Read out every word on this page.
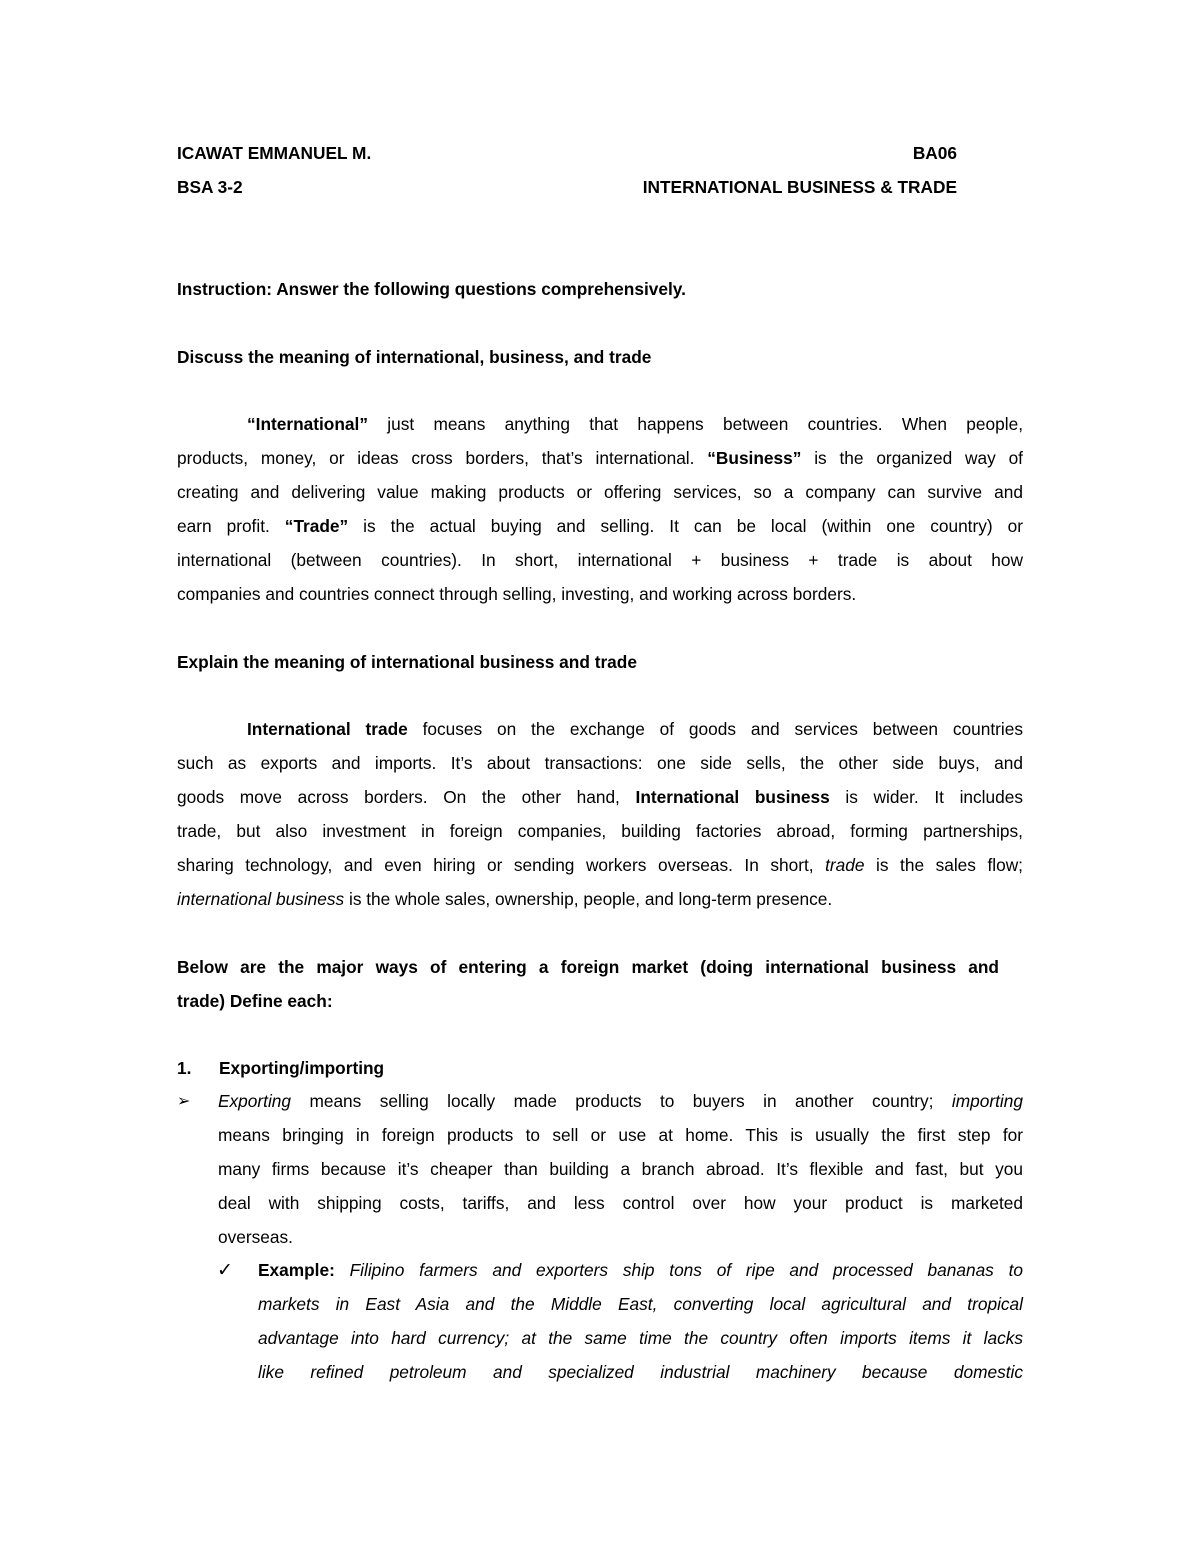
ICAWAT EMMANUEL M.	BA06
BSA 3-2	INTERNATIONAL BUSINESS & TRADE
Instruction: Answer the following questions comprehensively.
Discuss the meaning of international, business, and trade
“International” just means anything that happens between countries. When people,
products, money, or ideas cross borders, that’s international. “Business” is the organized way of
creating and delivering value making products or offering services, so a company can survive and
earn profit. “Trade” is the actual buying and selling. It can be local (within one country) or
international (between countries). In short, international + business + trade is about how
companies and countries connect through selling, investing, and working across borders.
Explain the meaning of international business and trade
International trade focuses on the exchange of goods and services between countries
such as exports and imports. It’s about transactions: one side sells, the other side buys, and
goods move across borders. On the other hand, International business is wider. It includes
trade, but also investment in foreign companies, building factories abroad, forming partnerships,
sharing technology, and even hiring or sending workers overseas. In short, trade is the sales flow;
international business is the whole sales, ownership, people, and long-term presence.
Below are the major ways of entering a foreign market (doing international business and
trade) Define each:
1. Exporting/importing
➢ Exporting means selling locally made products to buyers in another country; importing
means bringing in foreign products to sell or use at home. This is usually the first step for
many firms because it’s cheaper than building a branch abroad. It’s flexible and fast, but you
deal with shipping costs, tariffs, and less control over how your product is marketed
overseas.
✓ Example: Filipino farmers and exporters ship tons of ripe and processed bananas to
markets in East Asia and the Middle East, converting local agricultural and tropical
advantage into hard currency; at the same time the country often imports items it lacks
like refined petroleum and specialized industrial machinery because domestic
